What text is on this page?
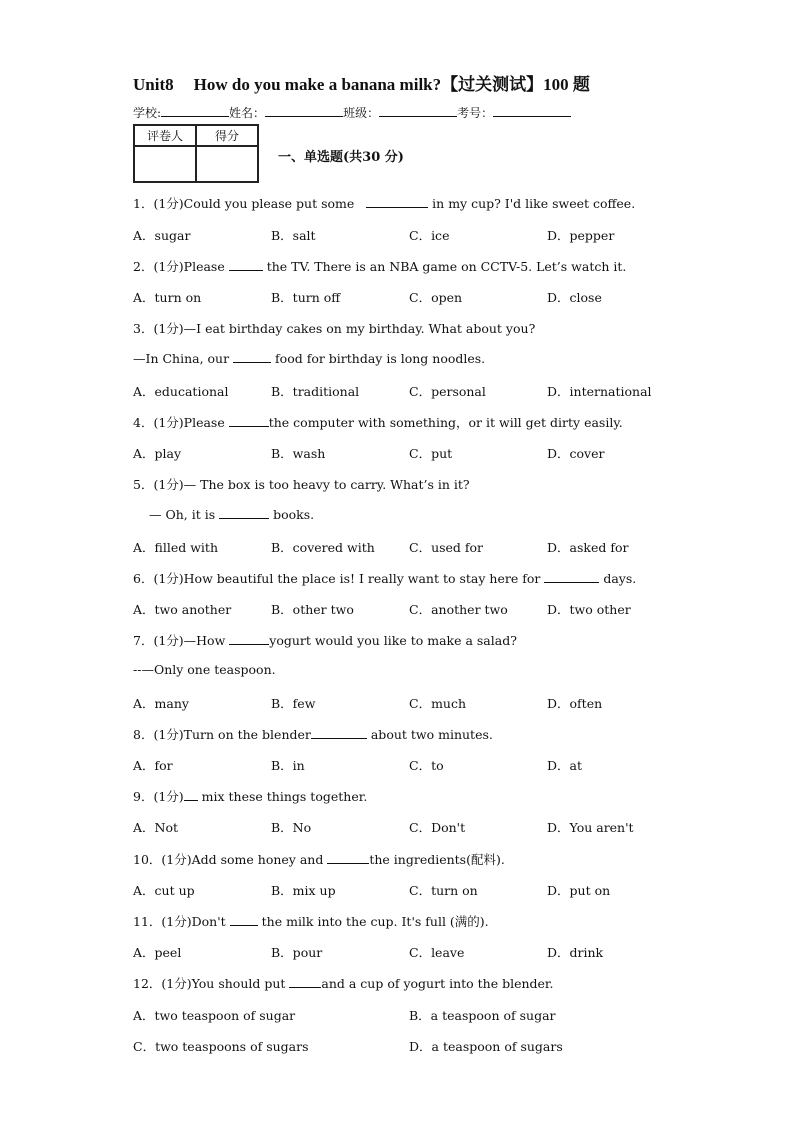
Unit8 How do you make a banana milk?【过关测试】100 题
学校:	姓名：	班级：	考号：
评卷人	得分

一、单选题(共30 分)
1．(1分)Could you please put some	in my cup? I'd like sweet coffee.
A．sugar	B．salt	C．ice	D．pepper
2．(1分)Please	the TV. There is an NBA game on CCTV-5. Let’s watch it.
A．turn on	B．turn off	C．open	D．close
3．(1分)—I eat birthday cakes on my birthday. What about you?
—In China, our	food for birthday is long noodles.
A．educational	B．traditional	C．personal	D．international
4．(1分)Please	the computer with something，or it will get dirty easily.
A．play	B．wash	C．put	D．cover
5．(1分)— The box is too heavy to carry. What’s in it?
— Oh, it is	books.
A．filled with	B．covered with	C．used for	D．asked for
6．(1分)How beautiful the place is! I really want to stay here for	days.
A．two another	B．other two	C．another two	D．two other
7．(1分)—How	yogurt would you like to make a salad?
--—Only one teaspoon.
A．many	B．few	C．much	D．often
8．(1分)Turn on the blender	about two minutes.
A．for	B．in	C．to	D．at
9．(1分) mix these things together.
A．Not	B．No	C．Don't	D．You aren't
10．(1分)Add some honey and	the ingredients(配料).
A．cut up	B．mix up	C．turn on	D．put on
11．(1分)Don't	the milk into the cup. It's full (满的).
A．peel	B．pour	C．leave	D．drink
12．(1分)You should put	and a cup of yogurt into the blender.
A．two teaspoon of sugar	B．a teaspoon of sugar
C．two teaspoons of sugars	D．a teaspoon of sugars
